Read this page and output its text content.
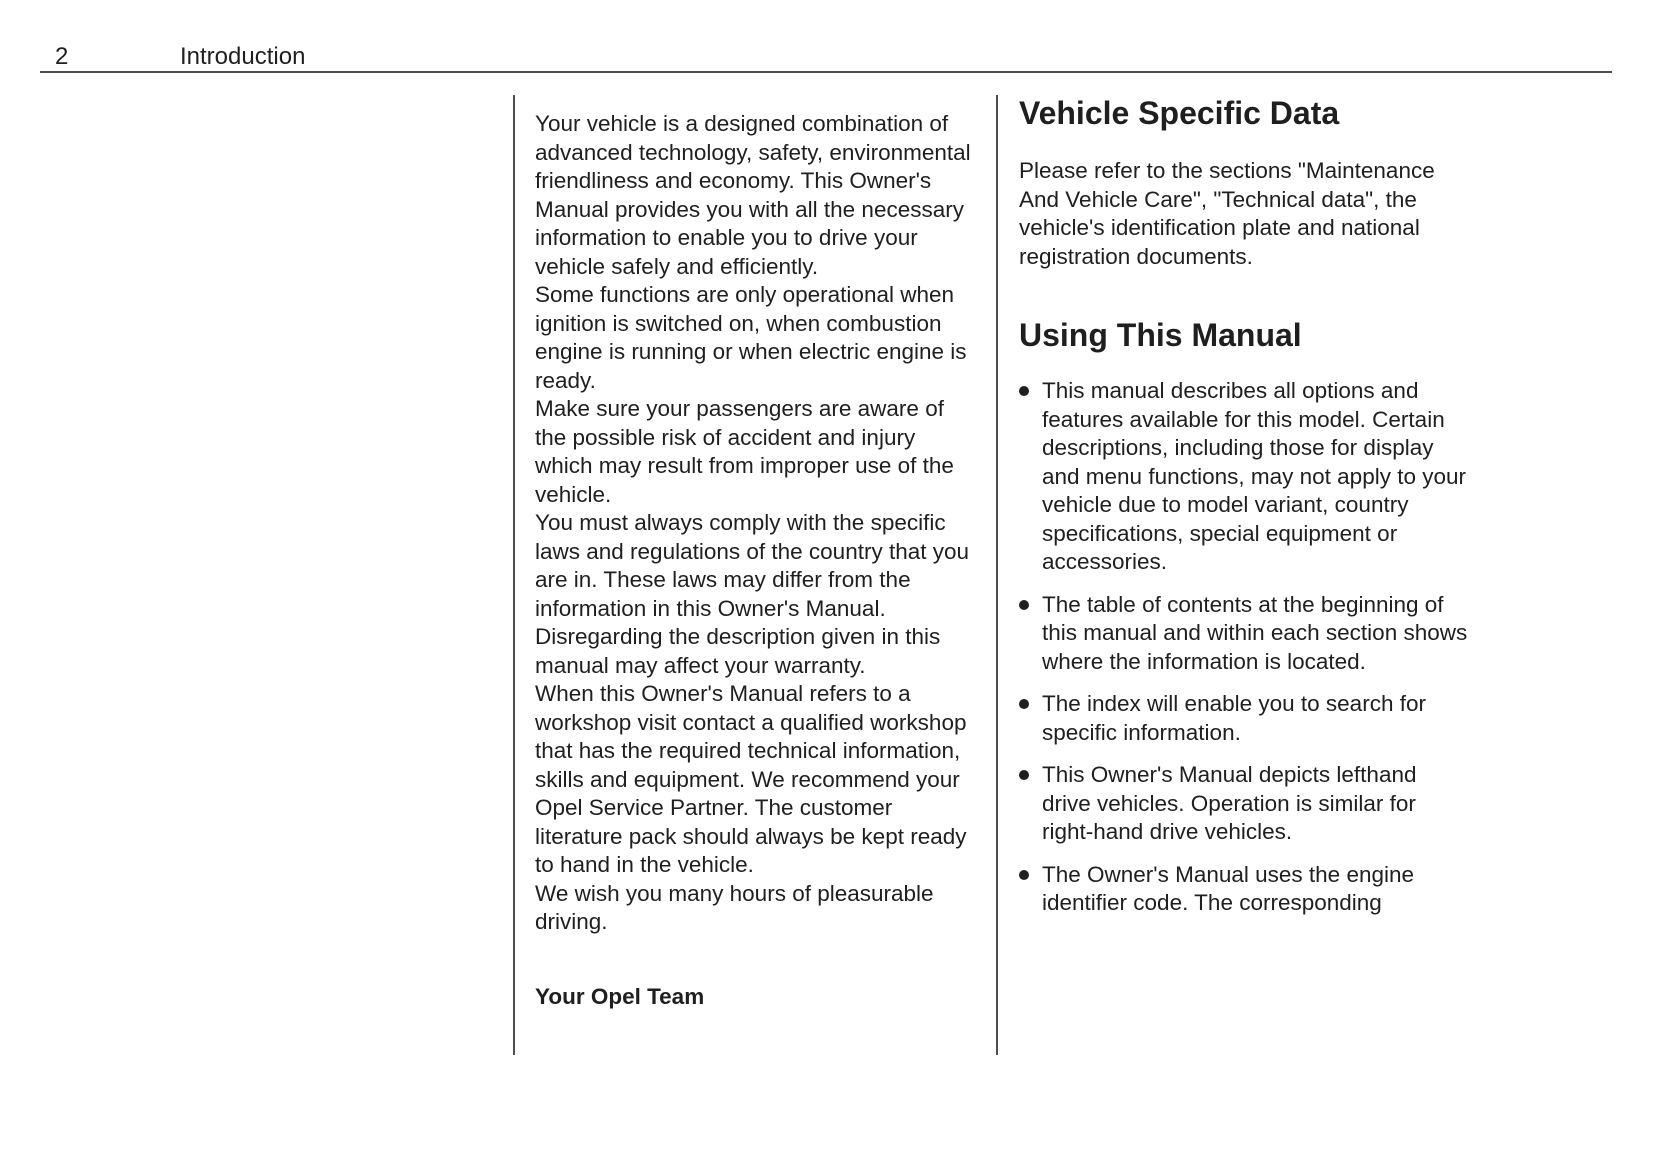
2	Introduction

Your vehicle is a designed combination of advanced technology, safety, environmental friendliness and economy. This Owner's Manual provides you with all the necessary information to enable you to drive your vehicle safely and efficiently.

Some functions are only operational when ignition is switched on, when combustion engine is running or when electric engine is ready.

Make sure your passengers are aware of the possible risk of accident and injury which may result from improper use of the vehicle.

You must always comply with the specific laws and regulations of the country that you are in. These laws may differ from the information in this Owner's Manual. Disregarding the description given in this manual may affect your warranty.

When this Owner's Manual refers to a workshop visit contact a qualified workshop that has the required technical information, skills and equipment. We recommend your Opel Service Partner. The customer literature pack should always be kept ready to hand in the vehicle.

We wish you many hours of pleasurable driving.

Your Opel Team

Vehicle Specific Data

Please refer to the sections "Maintenance And Vehicle Care", "Technical data", the vehicle's identification plate and national registration documents.

Using This Manual
This manual describes all options and features available for this model. Certain descriptions, including those for display and menu functions, may not apply to your vehicle due to model variant, country specifications, special equipment or accessories.
The table of contents at the beginning of this manual and within each section shows where the information is located.
The index will enable you to search for specific information.
This Owner's Manual depicts lefthand drive vehicles. Operation is similar for right-hand drive vehicles.
The Owner's Manual uses the engine identifier code. The corresponding
